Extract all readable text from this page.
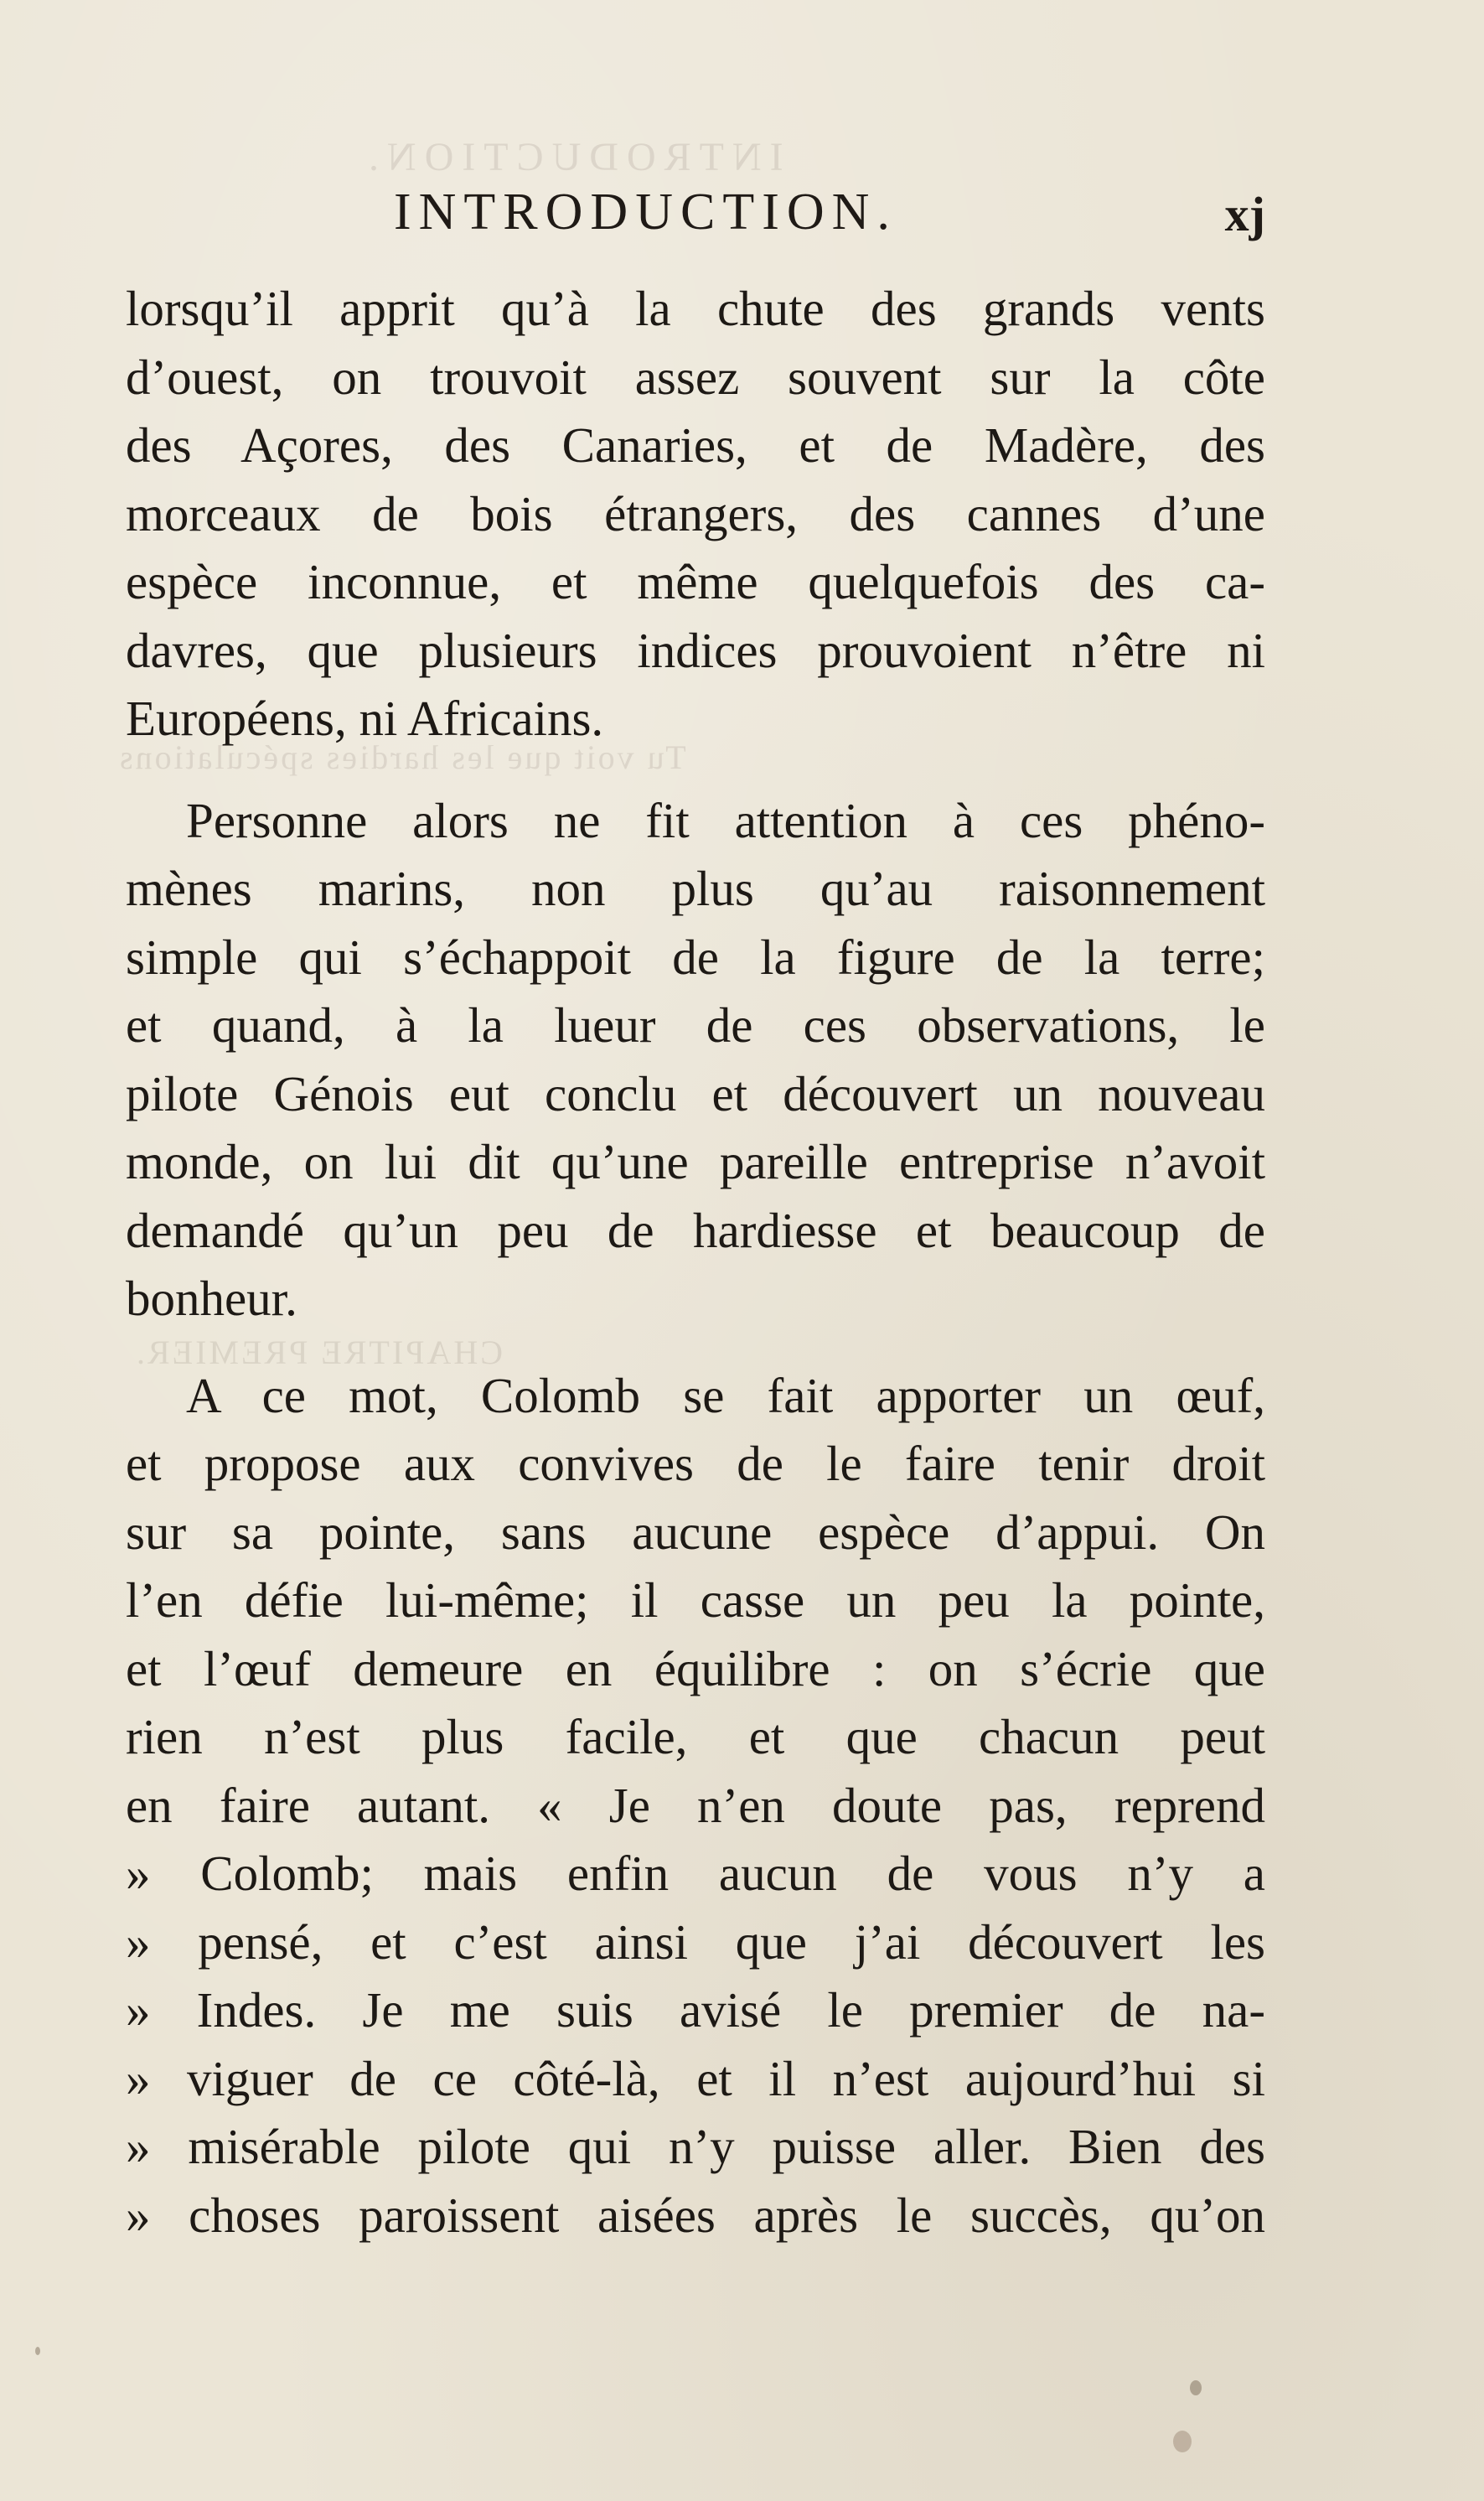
INTRODUCTION.
Tu voit que les hardies spéculations
CHAPITRE PREMIER.
INTRODUCTION.	xj
lorsqu’il apprit qu’à la chute des grands vents
d’ouest, on trouvoit assez souvent sur la côte
des Açores, des Canaries, et de Madère, des
morceaux de bois étrangers, des cannes d’une
espèce inconnue, et même quelquefois des ca-
davres, que plusieurs indices prouvoient n’être ni
Européens, ni Africains.
Personne alors ne fit attention à ces phéno-
mènes marins, non plus qu’au raisonnement
simple qui s’échappoit de la figure de la terre;
et quand, à la lueur de ces observations, le
pilote Génois eut conclu et découvert un nouveau
monde, on lui dit qu’une pareille entreprise n’avoit
demandé qu’un peu de hardiesse et beaucoup de
bonheur.
A ce mot, Colomb se fait apporter un œuf,
et propose aux convives de le faire tenir droit
sur sa pointe, sans aucune espèce d’appui. On
l’en défie lui-même; il casse un peu la pointe,
et l’œuf demeure en équilibre : on s’écrie que
rien n’est plus facile, et que chacun peut
en faire autant. « Je n’en doute pas, reprend
» Colomb; mais enfin aucun de vous n’y a
» pensé, et c’est ainsi que j’ai découvert les
» Indes. Je me suis avisé le premier de na-
» viguer de ce côté-là, et il n’est aujourd’hui si
» misérable pilote qui n’y puisse aller. Bien des
» choses paroissent aisées après le succès, qu’on
